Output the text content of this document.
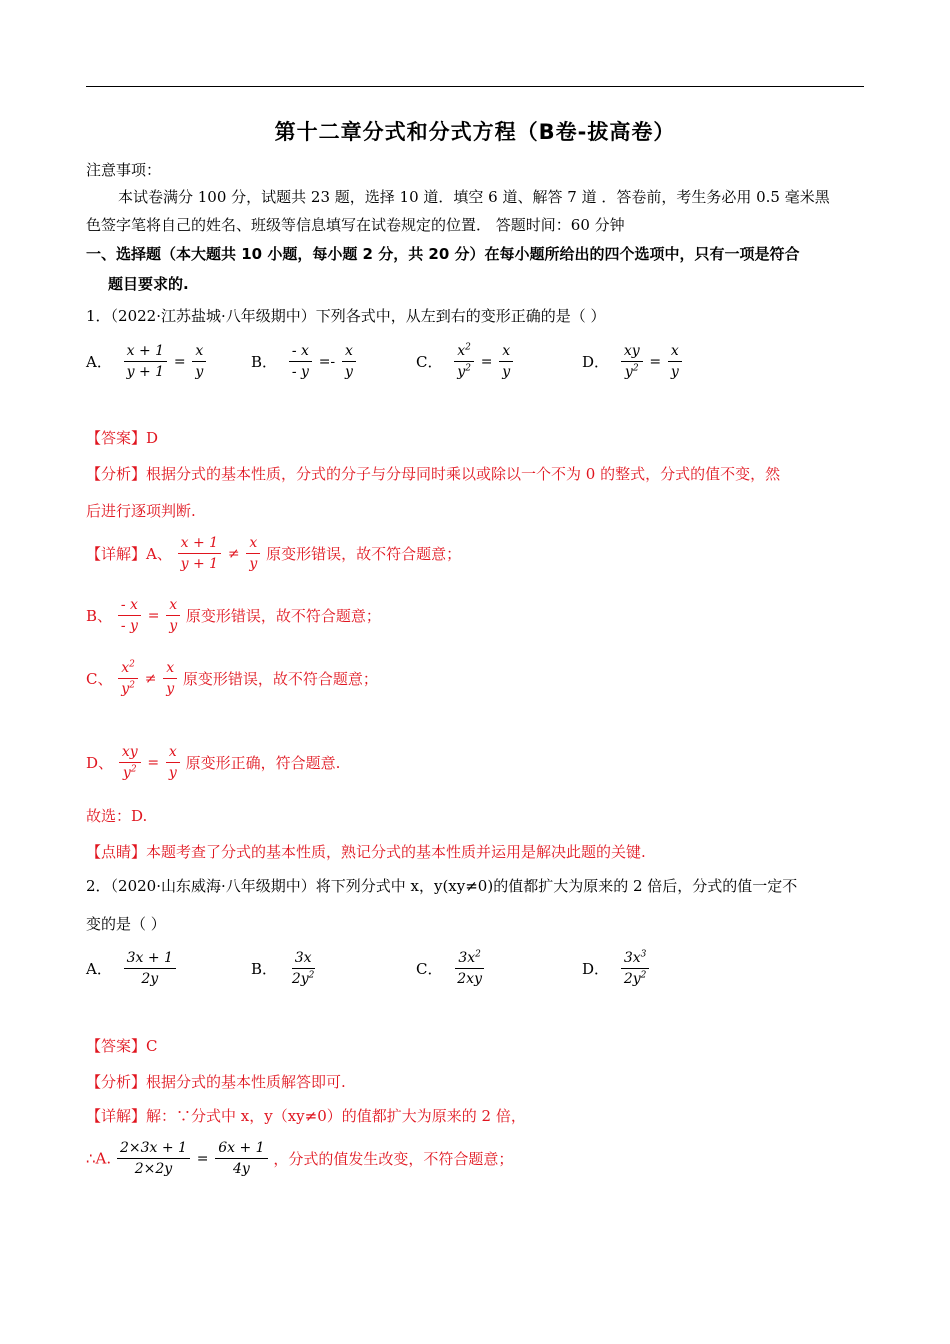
第十二章分式和分式方程（B卷-拔高卷）
注意事项：
本试卷满分 100 分，试题共 23 题，选择 10 道．填空 6 道、解答 7 道 ．答卷前，考生务必用 0.5 毫米黑
色签字笔将自己的姓名、班级等信息填写在试卷规定的位置． 答题时间：60 分钟
一、选择题（本大题共 10 小题，每小题 2 分，共 20 分）在每小题所给出的四个选项中，只有一项是符合
题目要求的.
1．（2022·江苏盐城·八年级期中）下列各式中，从左到右的变形正确的是（ ）
A． $\frac{x + 1}{y + 1} = \frac{x}{y}$	B． $\frac{- x}{- y} =- \frac{x}{y}$	C． $\frac{x^2}{y^2} = \frac{x}{y}$	D． $\frac{xy}{y^2} = \frac{x}{y}$
【答案】D
【分析】根据分式的基本性质，分式的分子与分母同时乘以或除以一个不为 0 的整式，分式的值不变，然
后进行逐项判断.
【详解】A、 $\frac{x + 1}{y + 1} \ne \frac{x}{y}$ 原变形错误，故不符合题意；
B、 $\frac{- x}{- y} = \frac{x}{y}$ 原变形错误，故不符合题意；
C、 $\frac{x^2}{y^2} \ne \frac{x}{y}$ 原变形错误，故不符合题意；
D、 $\frac{xy}{y^2} = \frac{x}{y}$ 原变形正确，符合题意.
故选：D.
【点睛】本题考查了分式的基本性质，熟记分式的基本性质并运用是解决此题的关键.
2．（2020·山东威海·八年级期中）将下列分式中 x，y(xy≠0)的值都扩大为原来的 2 倍后，分式的值一定不
变的是（ ）
A． $\frac{3x + 1}{2y}$	B． $\frac{3x}{2y^2}$	C． $\frac{3x^2}{2xy}$	D． $\frac{3x^3}{2y^2}$
【答案】C
【分析】根据分式的基本性质解答即可.
【详解】解：∵分式中 x，y（xy≠0）的值都扩大为原来的 2 倍，
∴A. $\frac{2\times 3x + 1}{2\times 2y} = \frac{6x + 1}{4y}$ ，分式的值发生改变，不符合题意；
